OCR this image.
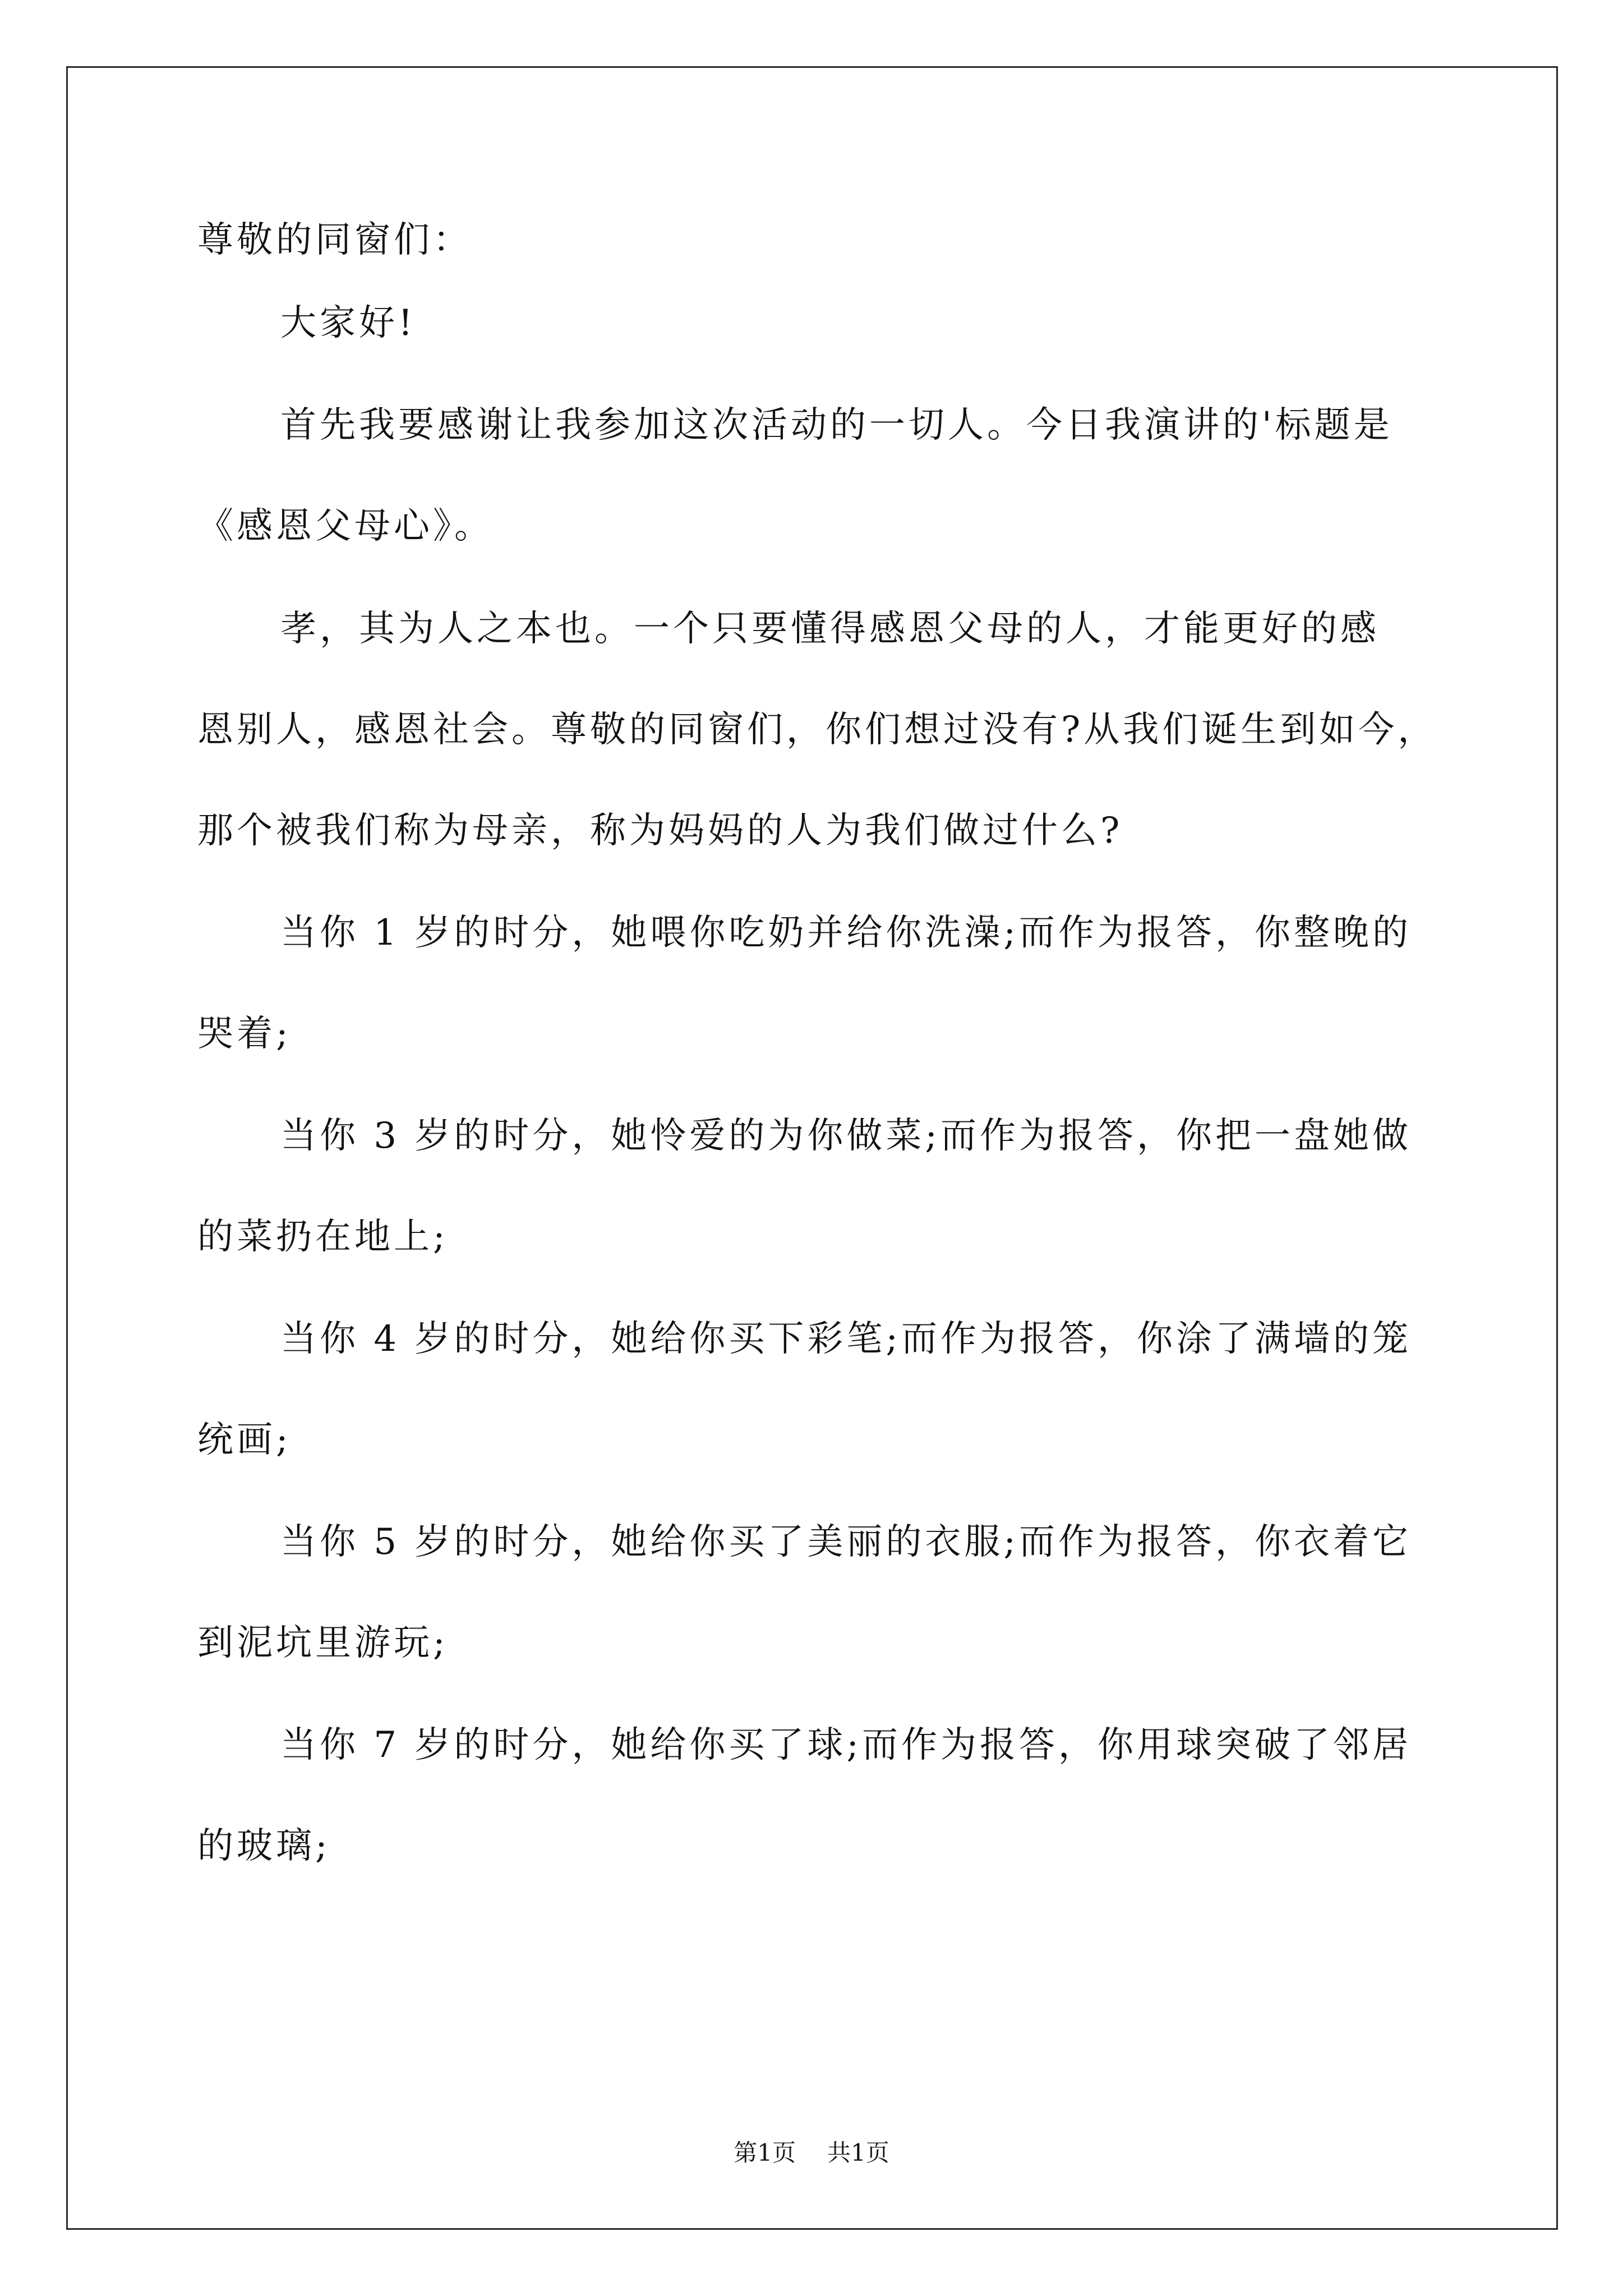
尊敬的同窗们：
大家好!
首先我要感谢让我参加这次活动的一切人。今日我演讲的'标题是
《感恩父母心》。
孝，其为人之本也。一个只要懂得感恩父母的人，才能更好的感
恩别人，感恩社会。尊敬的同窗们，你们想过没有?从我们诞生到如今，
那个被我们称为母亲，称为妈妈的人为我们做过什么?
当你 1 岁的时分，她喂你吃奶并给你洗澡;而作为报答，你整晚的
哭着;
当你 3 岁的时分，她怜爱的为你做菜;而作为报答，你把一盘她做
的菜扔在地上;
当你 4 岁的时分，她给你买下彩笔;而作为报答，你涂了满墙的笼
统画;
当你 5 岁的时分，她给你买了美丽的衣服;而作为报答，你衣着它
到泥坑里游玩;
当你 7 岁的时分，她给你买了球;而作为报答，你用球突破了邻居
的玻璃;
第1页 共1页
